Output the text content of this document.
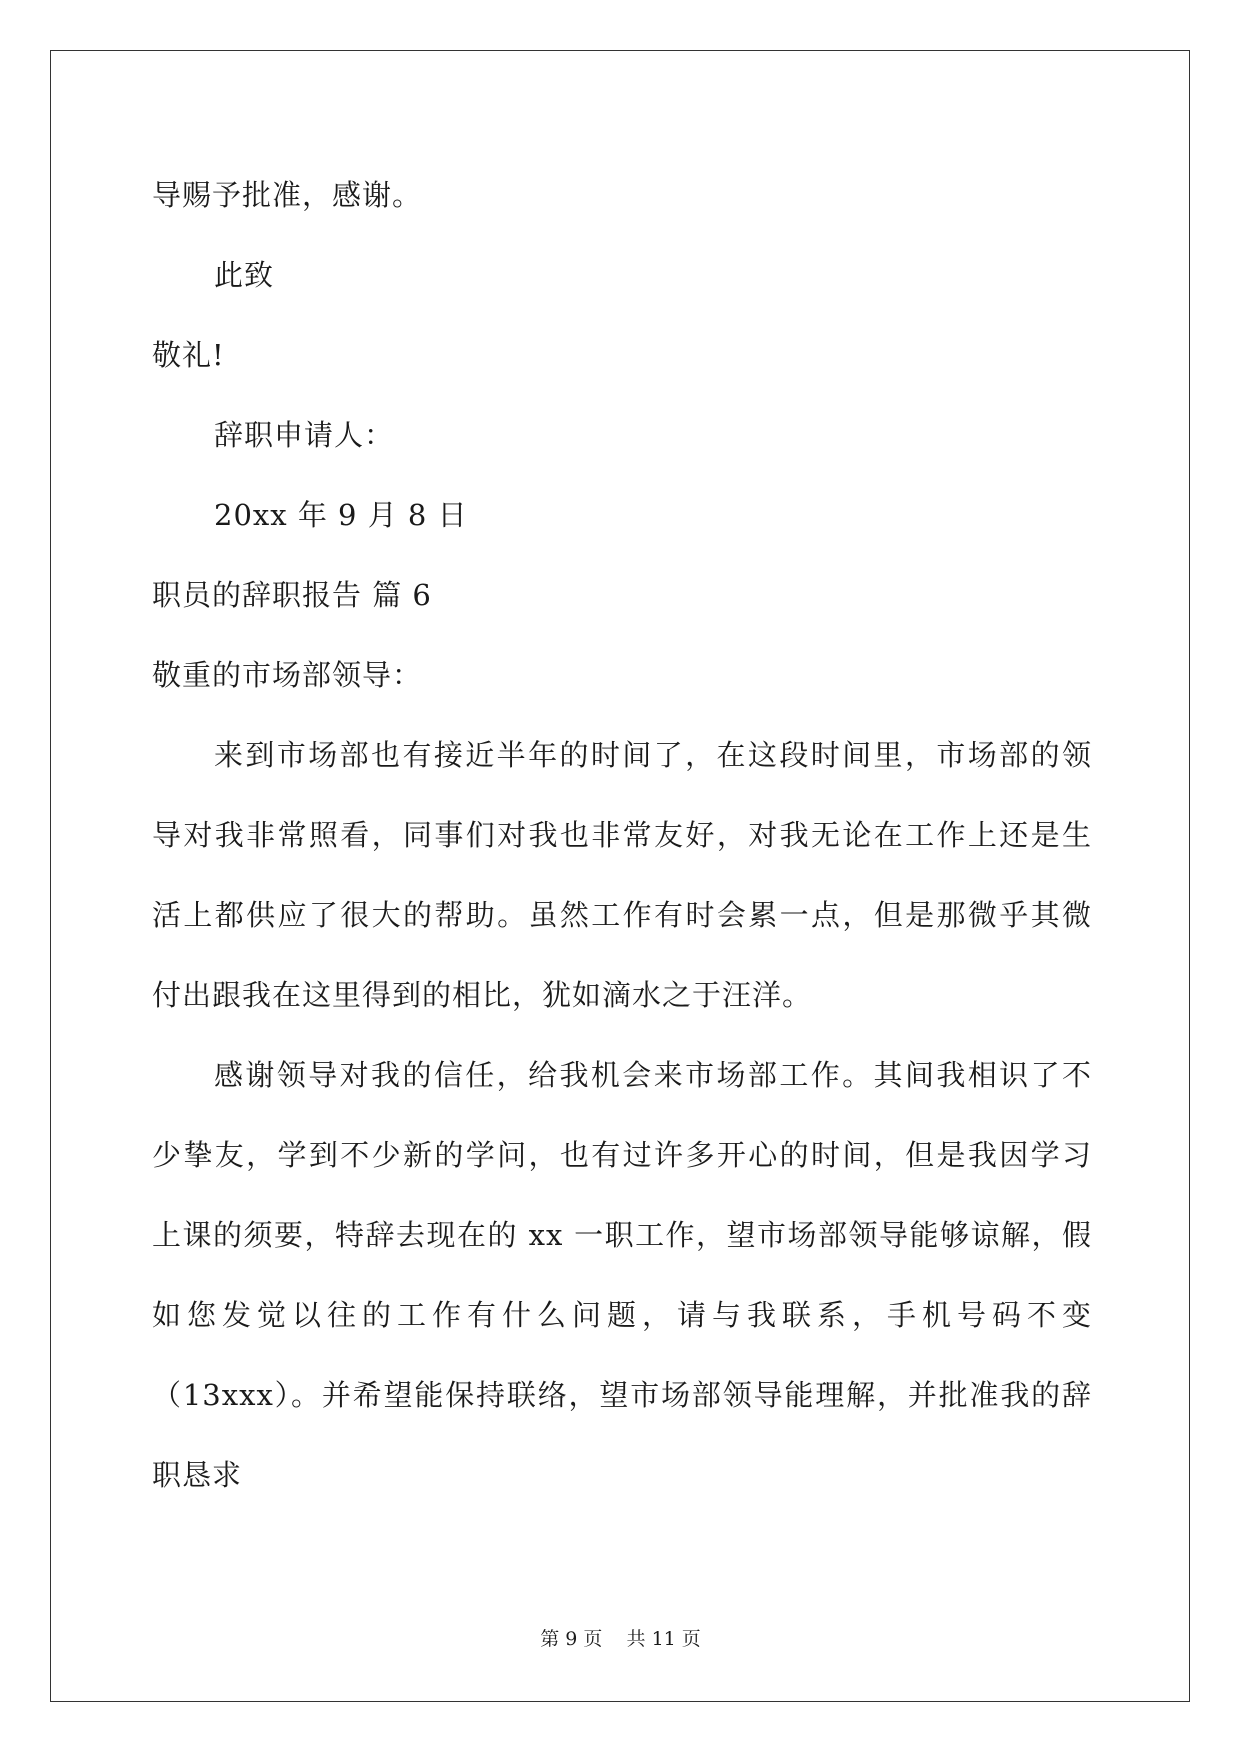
导赐予批准，感谢。
此致
敬礼!
辞职申请人：
20xx 年 9 月 8 日
职员的辞职报告 篇 6
敬重的市场部领导：
来到市场部也有接近半年的时间了，在这段时间里，市场部的领
导对我非常照看，同事们对我也非常友好，对我无论在工作上还是生
活上都供应了很大的帮助。虽然工作有时会累一点，但是那微乎其微
付出跟我在这里得到的相比，犹如滴水之于汪洋。
感谢领导对我的信任，给我机会来市场部工作。其间我相识了不
少挚友，学到不少新的学问，也有过许多开心的时间，但是我因学习
上课的须要，特辞去现在的 xx 一职工作，望市场部领导能够谅解，假
如您发觉以往的工作有什么问题，请与我联系，手机号码不变
（13xxx）。并希望能保持联络，望市场部领导能理解，并批准我的辞
职恳求
第 9 页 共 11 页
